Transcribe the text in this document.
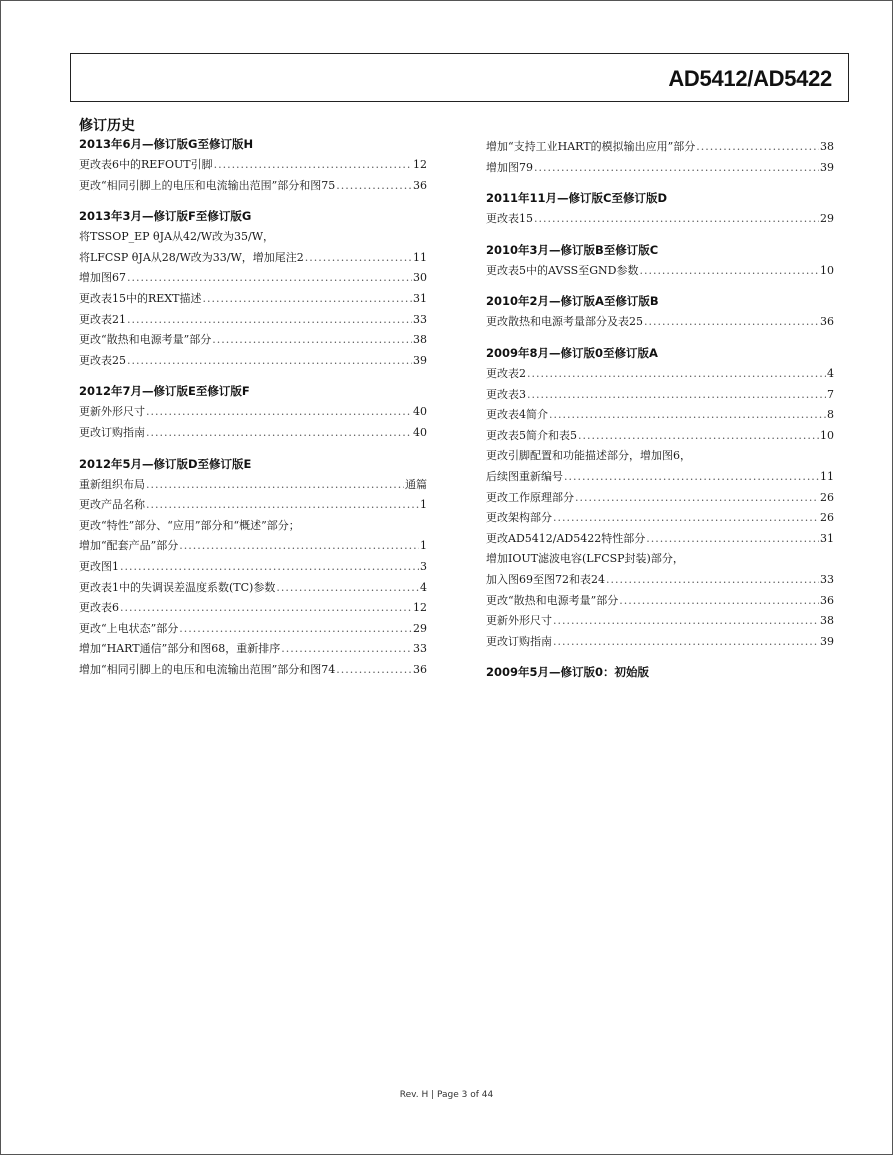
AD5412/AD5422
修订历史
2013年6月—修订版G至修订版H
更改表6中的REFOUT引脚 .....	12
更改“相同引脚上的电压和电流输出范围”部分和图75 .....	36
2013年3月—修订版F至修订版G
将TSSOP_EP θJA从42/W改为35/W，
将LFCSP θJA从28/W改为33/W，增加尾注2 .....	11
增加图67 .....	30
更改表15中的REXT描述 .....	31
更改表21 .....	33
更改“散热和电源考量”部分 .....	38
更改表25 .....	39
2012年7月—修订版E至修订版F
更新外形尺寸 .....	40
更改订购指南 .....	40
2012年5月—修订版D至修订版E
重新组织布局 .....	通篇
更改产品名称 .....	1
更改“特性”部分、“应用”部分和“概述”部分；
增加“配套产品”部分 .....	1
更改图1 .....	3
更改表1中的失调误差温度系数(TC)参数 .....	4
更改表6 .....	12
更改“上电状态”部分 .....	29
增加“HART通信”部分和图68，重新排序 .....	33
增加“相同引脚上的电压和电流输出范围”部分和图74 .....	36
增加“支持工业HART的模拟输出应用”部分 .....	38
增加图79 .....	39
2011年11月—修订版C至修订版D
更改表15 .....	29
2010年3月—修订版B至修订版C
更改表5中的AVSS至GND参数 .....	10
2010年2月—修订版A至修订版B
更改散热和电源考量部分及表25 .....	36
2009年8月—修订版0至修订版A
更改表2 .....	4
更改表3 .....	7
更改表4简介 .....	8
更改表5简介和表5 .....	10
更改引脚配置和功能描述部分，增加图6，
后续图重新编号 .....	11
更改工作原理部分 .....	26
更改架构部分 .....	26
更改AD5412/AD5422特性部分 .....	31
增加IOUT滤波电容(LFCSP封装)部分，
加入图69至图72和表24 .....	33
更改“散热和电源考量”部分 .....	36
更新外形尺寸 .....	38
更改订购指南 .....	39
2009年5月—修订版0：初始版
Rev. H | Page 3 of 44
